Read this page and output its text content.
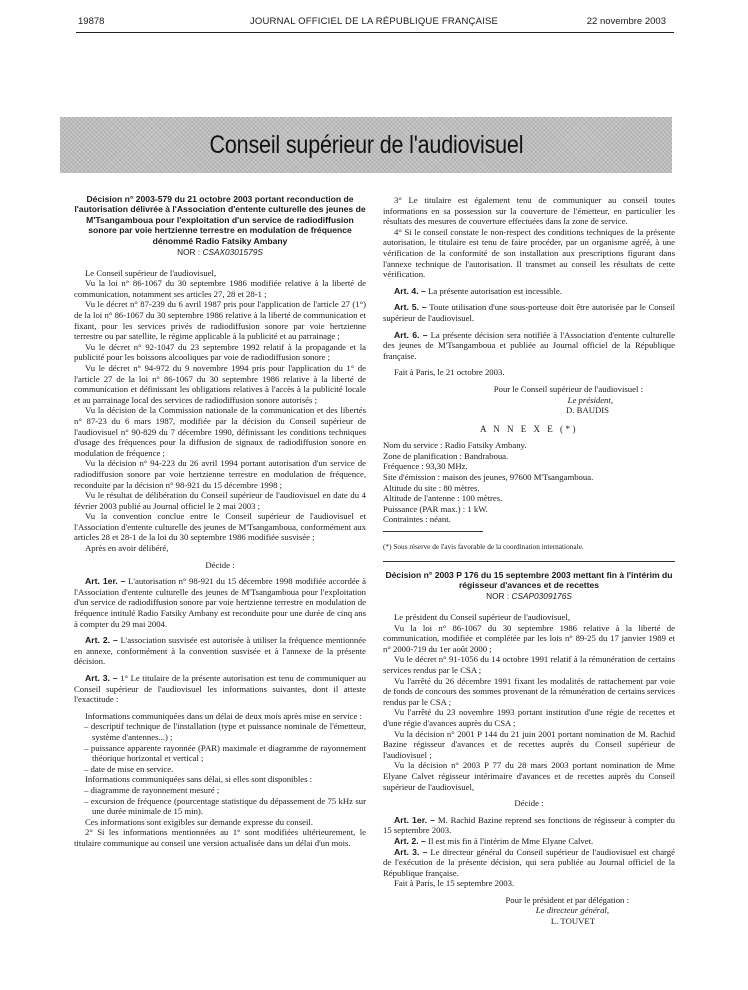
19878	JOURNAL OFFICIEL DE LA RÉPUBLIQUE FRANÇAISE	22 novembre 2003
Conseil supérieur de l'audiovisuel
Décision n° 2003-579 du 21 octobre 2003 portant reconduction de l'autorisation délivrée à l'Association d'entente culturelle des jeunes de M'Tsangamboua pour l'exploitation d'un service de radiodiffusion sonore par voie hertzienne terrestre en modulation de fréquence dénommé Radio Fatsiky Ambany
NOR : CSAX0301579S

Le Conseil supérieur de l'audiovisuel,

Vu la loi n° 86-1067 du 30 septembre 1986 modifiée relative à la liberté de communication, notamment ses articles 27, 28 et 28-1 ;

Vu le décret n° 87-239 du 6 avril 1987 pris pour l'application de l'article 27 (1°) de la loi n° 86-1067 du 30 septembre 1986 relative à la liberté de communication et fixant, pour les services privés de radiodiffusion sonore par voie hertzienne terrestre ou par satellite, le régime applicable à la publicité et au parrainage ;

Vu le décret n° 92-1047 du 23 septembre 1992 relatif à la propagande et la publicité pour les boissons alcooliques par voie de radiodiffusion sonore ;

Vu le décret n° 94-972 du 9 novembre 1994 pris pour l'application du 1° de l'article 27 de la loi n° 86-1067 du 30 septembre 1986 relative à la liberté de communication et définissant les obligations relatives à l'accès à la publicité locale et au parrainage local des services de radiodiffusion sonore autorisés ;

Vu la décision de la Commission nationale de la communication et des libertés n° 87-23 du 6 mars 1987, modifiée par la décision du Conseil supérieur de l'audiovisuel n° 90-829 du 7 décembre 1990, définissant les conditions techniques d'usage des fréquences pour la diffusion de signaux de radiodiffusion sonore en modulation de fréquence ;

Vu la décision n° 94-223 du 26 avril 1994 portant autorisation d'un service de radiodiffusion sonore par voie hertzienne terrestre en modulation de fréquence, reconduite par la décision n° 98-921 du 15 décembre 1998 ;

Vu le résultat de délibération du Conseil supérieur de l'audiovisuel en date du 4 février 2003 publié au Journal officiel le 2 mai 2003 ;

Vu la convention conclue entre le Conseil supérieur de l'audiovisuel et l'Association d'entente culturelle des jeunes de M'Tsangamboua, conformément aux articles 28 et 28-1 de la loi du 30 septembre 1986 modifiée susvisée ;

Après en avoir délibéré,

Décide :

Art. 1er. – L'autorisation n° 98-921 du 15 décembre 1998 modifiée accordée à l'Association d'entente culturelle des jeunes de M'Tsangamboua pour l'exploitation d'un service de radiodiffusion sonore par voie hertzienne terrestre en modulation de fréquence intitulé Radio Fatsiky Ambany est reconduite pour une durée de cinq ans à compter du 29 mai 2004.

Art. 2. – L'association susvisée est autorisée à utiliser la fréquence mentionnée en annexe, conformément à la convention susvisée et à l'annexe de la présente décision.

Art. 3. – 1° Le titulaire de la présente autorisation est tenu de communiquer au Conseil supérieur de l'audiovisuel les informations suivantes, dont il atteste l'exactitude :

Informations communiquées dans un délai de deux mois après mise en service :

– descriptif technique de l'installation (type et puissance nominale de l'émetteur, système d'antennes...) ;
– puissance apparente rayonnée (PAR) maximale et diagramme de rayonnement théorique horizontal et vertical ;
– date de mise en service.

Informations communiquées sans délai, si elles sont disponibles :

– diagramme de rayonnement mesuré ;
– excursion de fréquence (pourcentage statistique du dépassement de 75 kHz sur une durée minimale de 15 min).

Ces informations sont exigibles sur demande expresse du conseil.

2° Si les informations mentionnées au 1° sont modifiées ultérieurement, le titulaire communique au conseil une version actualisée dans un délai d'un mois.

3° Le titulaire est également tenu de communiquer au conseil toutes informations en sa possession sur la couverture de l'émetteur, en particulier les résultats des mesures de couverture effectuées dans la zone de service.

4° Si le conseil constate le non-respect des conditions techniques de la présente autorisation, le titulaire est tenu de faire procéder, par un organisme agréé, à une vérification de la conformité de son installation aux prescriptions figurant dans l'annexe technique de l'autorisation. Il transmet au conseil les résultats de cette vérification.

Art. 4. – La présente autorisation est incessible.

Art. 5. – Toute utilisation d'une sous-porteuse doit être autorisée par le Conseil supérieur de l'audiovisuel.

Art. 6. – La présente décision sera notifiée à l'Association d'entente culturelle des jeunes de M'Tsangamboua et publiée au Journal officiel de la République française.

Fait à Paris, le 21 octobre 2003.

Pour le Conseil supérieur de l'audiovisuel :

Le président,

D. BAUDIS

A N N E X E (*)

Nom du service : Radio Fatsiky Ambany.

Zone de planification : Bandraboua.

Fréquence : 93,30 MHz.

Site d'émission : maison des jeunes, 97600 M'Tsangamboua.

Altitude du site : 80 mètres.

Altitude de l'antenne : 100 mètres.

Puissance (PAR max.) : 1 kW.

Contraintes : néant.

(*) Sous réserve de l'avis favorable de la coordination internationale.

Décision n° 2003 P 176 du 15 septembre 2003 mettant fin à l'intérim du régisseur d'avances et de recettes
NOR : CSAP0309176S

Le président du Conseil supérieur de l'audiovisuel,

Vu la loi n° 86-1067 du 30 septembre 1986 relative à la liberté de communication, modifiée et complétée par les lois n° 89-25 du 17 janvier 1989 et n° 2000-719 du 1er août 2000 ;

Vu le décret n° 91-1056 du 14 octobre 1991 relatif à la rémunération de certains services rendus par le CSA ;

Vu l'arrêté du 26 décembre 1991 fixant les modalités de rattachement par voie de fonds de concours des sommes provenant de la rémunération de certains services rendus par le CSA ;

Vu l'arrêté du 23 novembre 1993 portant institution d'une régie de recettes et d'une régie d'avances auprès du CSA ;

Vu la décision n° 2001 P 144 du 21 juin 2001 portant nomination de M. Rachid Bazine régisseur d'avances et de recettes auprès du Conseil supérieur de l'audiovisuel ;

Vu la décision n° 2003 P 77 du 28 mars 2003 portant nomination de Mme Elyane Calvet régisseur intérimaire d'avances et de recettes auprès du Conseil supérieur de l'audiovisuel,

Décide :

Art. 1er. – M. Rachid Bazine reprend ses fonctions de régisseur à compter du 15 septembre 2003.

Art. 2. – Il est mis fin à l'intérim de Mme Elyane Calvet.

Art. 3. – Le directeur général du Conseil supérieur de l'audiovisuel est chargé de l'exécution de la présente décision, qui sera publiée au Journal officiel de la République française.

Fait à Paris, le 15 septembre 2003.

Pour le président et par délégation :

Le directeur général,

L. TOUVET
